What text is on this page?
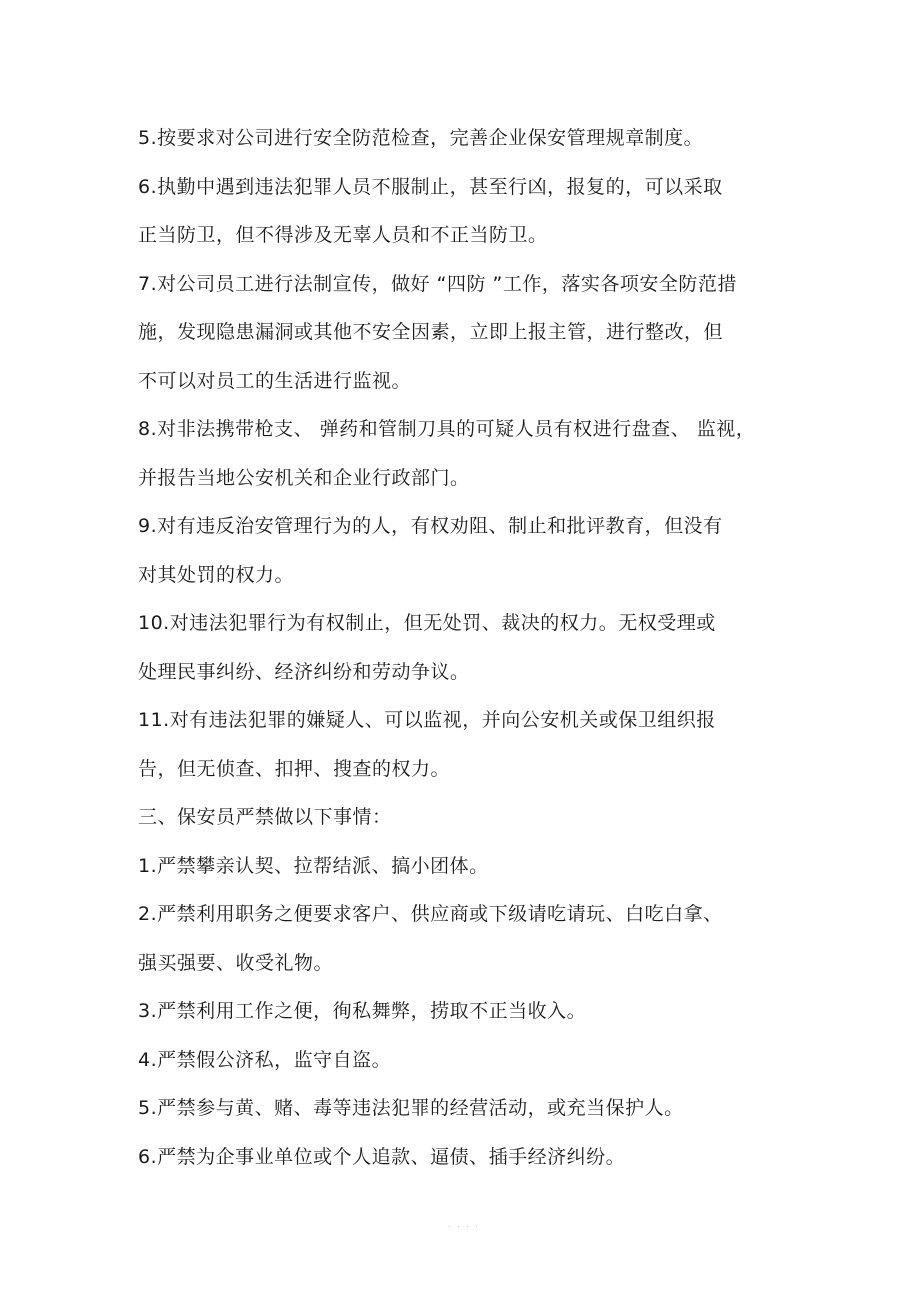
5.按要求对公司进行安全防范检查，完善企业保安管理规章制度。
6.执勤中遇到违法犯罪人员不服制止，甚至行凶，报复的，可以采取
正当防卫，但不得涉及无辜人员和不正当防卫。
7.对公司员工进行法制宣传，做好 “四防 ”工作，落实各项安全防范措
施，发现隐患漏洞或其他不安全因素，立即上报主管，进行整改，但
不可以对员工的生活进行监视。
8.对非法携带枪支、 弹药和管制刀具的可疑人员有权进行盘查、 监视，
并报告当地公安机关和企业行政部门。
9.对有违反治安管理行为的人，有权劝阻、制止和批评教育，但没有
对其处罚的权力。
10.对违法犯罪行为有权制止，但无处罚、裁决的权力。无权受理或
处理民事纠纷、经济纠纷和劳动争议。
11.对有违法犯罪的嫌疑人、可以监视，并向公安机关或保卫组织报
告，但无侦查、扣押、搜查的权力。
三、保安员严禁做以下事情：
1.严禁攀亲认契、拉帮结派、搞小团体。
2.严禁利用职务之便要求客户、供应商或下级请吃请玩、白吃白拿、
强买强要、收受礼物。
3.严禁利用工作之便，徇私舞弊，捞取不正当收入。
4.严禁假公济私，监守自盗。
5.严禁参与黄、赌、毒等违法犯罪的经营活动，或充当保护人。
6.严禁为企事业单位或个人追款、逼债、插手经济纠纷。
. . . .
